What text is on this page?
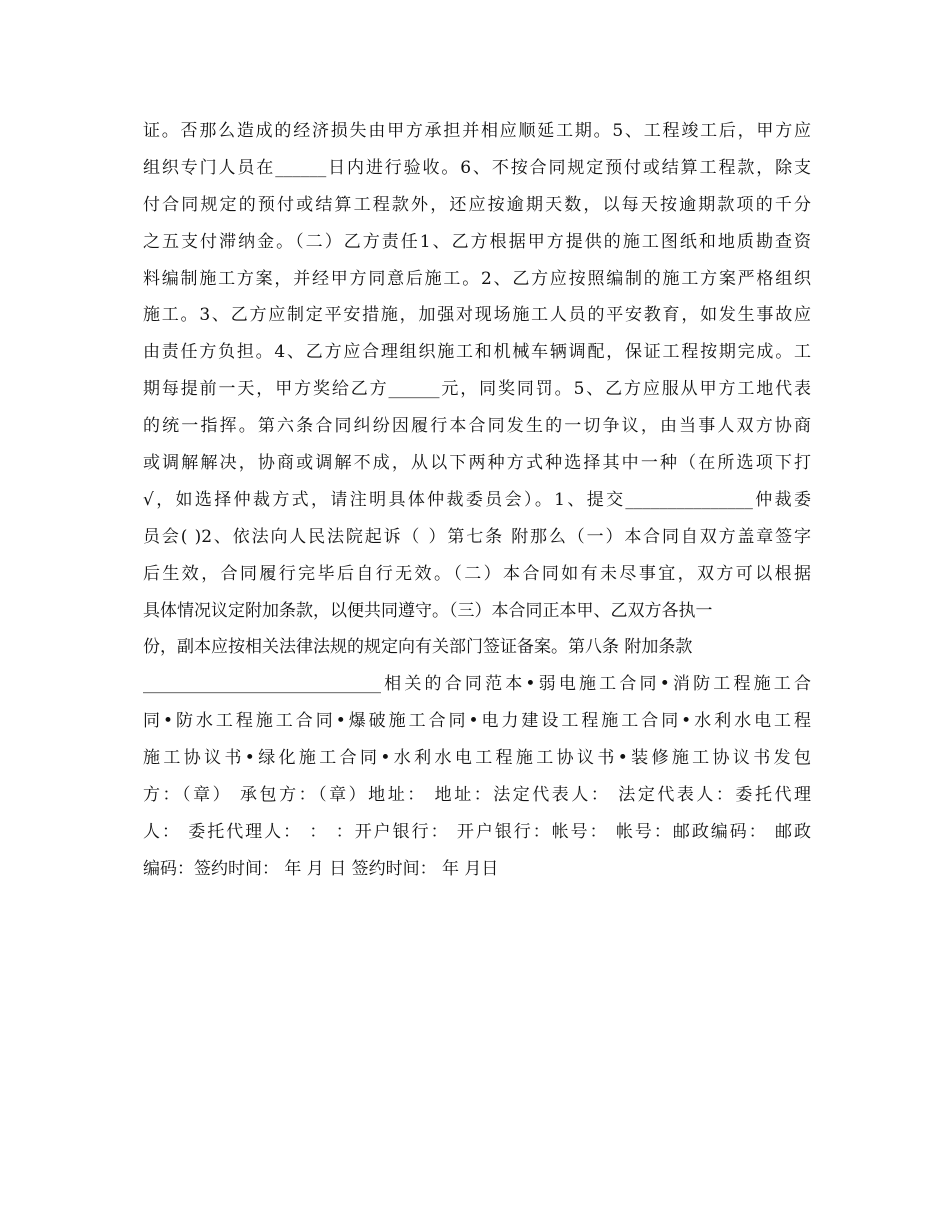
证。否那么造成的经济损失由甲方承担并相应顺延工期。5、工程竣工后，甲方应
组织专门人员在______日内进行验收。6、不按合同规定预付或结算工程款，除支
付合同规定的预付或结算工程款外，还应按逾期天数，以每天按逾期款项的千分
之五支付滞纳金。（二）乙方责任1、乙方根据甲方提供的施工图纸和地质勘查资
料编制施工方案，并经甲方同意后施工。2、乙方应按照编制的施工方案严格组织
施工。3、乙方应制定平安措施，加强对现场施工人员的平安教育，如发生事故应
由责任方负担。4、乙方应合理组织施工和机械车辆调配，保证工程按期完成。工
期每提前一天，甲方奖给乙方______元，同奖同罚。5、乙方应服从甲方工地代表
的统一指挥。第六条合同纠纷因履行本合同发生的一切争议，由当事人双方协商
或调解解决，协商或调解不成，从以下两种方式种选择其中一种（在所选项下打
√，如选择仲裁方式，请注明具体仲裁委员会）。1、提交_______________仲裁委
员会( )2、依法向人民法院起诉（ ）第七条 附那么（一）本合同自双方盖章签字
后生效，合同履行完毕后自行无效。（二）本合同如有未尽事宜，双方可以根据
具体情况议定附加条款，以便共同遵守。（三）本合同正本甲、乙双方各执一
份，副本应按相关法律法规的规定向有关部门签证备案。第八条 附加条款
____________________________相关的合同范本•弱电施工合同•消防工程施工合
同•防水工程施工合同•爆破施工合同•电力建设工程施工合同•水利水电工程
施工协议书•绿化施工合同•水利水电工程施工协议书•装修施工协议书发包
方：（章） 承包方：（章）地址： 地址：法定代表人： 法定代表人：委托代理
人： 委托代理人： ： ：开户银行： 开户银行：帐号： 帐号：邮政编码： 邮政
编码：签约时间： 年 月 日 签约时间： 年 月日
